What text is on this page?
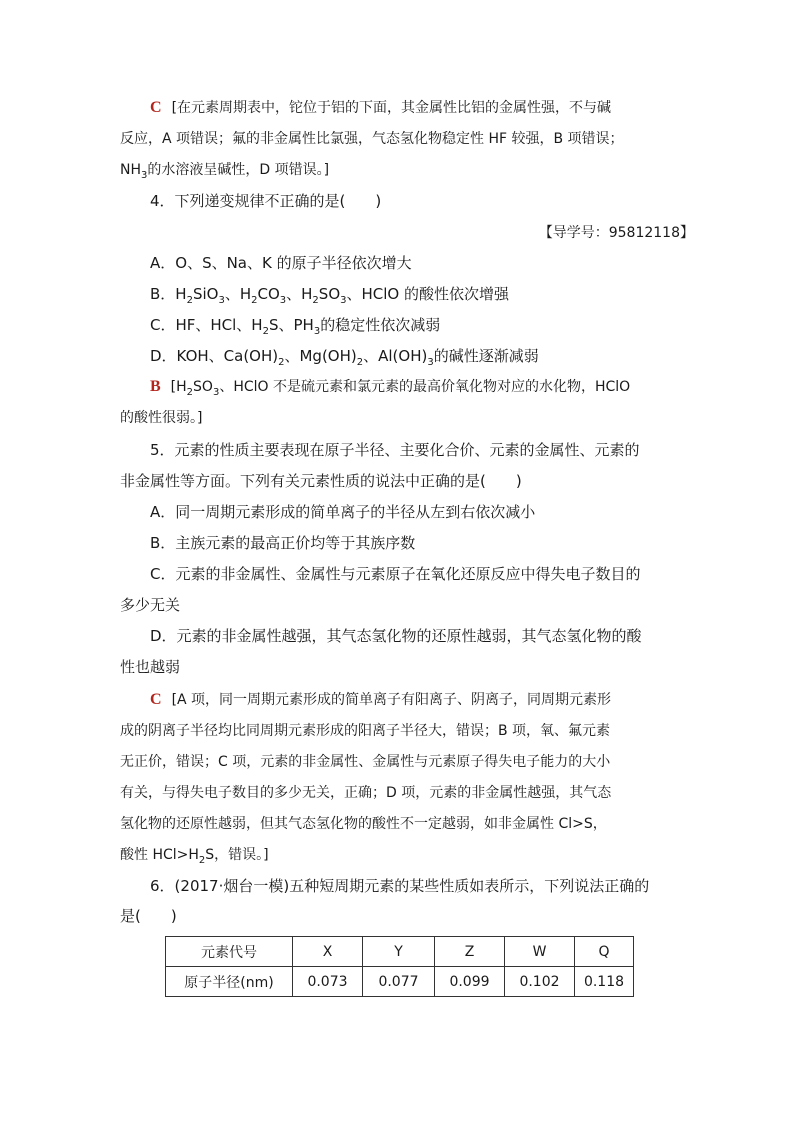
C [在元素周期表中，铊位于铝的下面，其金属性比铝的金属性强，不与碱
反应，A 项错误；氟的非金属性比氯强，气态氢化物稳定性 HF 较强，B 项错误；
$NH_3$的水溶液呈碱性，D 项错误。]
4．下列递变规律不正确的是(　　)
【导学号：95812118】
A．O、S、Na、K 的原子半径依次增大
B．$H_2SiO_3$、$H_2CO_3$、$H_2SO_3$、HClO 的酸性依次增强
C．HF、HCl、$H_2S$、$PH_3$的稳定性依次减弱
D．KOH、$Ca(OH)_2$、$Mg(OH)_2$、$Al(OH)_3$的碱性逐渐减弱
B [$H_2SO_3$、HClO 不是硫元素和氯元素的最高价氧化物对应的水化物，HClO
的酸性很弱。]
5．元素的性质主要表现在原子半径、主要化合价、元素的金属性、元素的
非金属性等方面。下列有关元素性质的说法中正确的是(　　)
A．同一周期元素形成的简单离子的半径从左到右依次减小
B．主族元素的最高正价均等于其族序数
C．元素的非金属性、金属性与元素原子在氧化还原反应中得失电子数目的
多少无关
D．元素的非金属性越强，其气态氢化物的还原性越弱，其气态氢化物的酸
性也越弱
C [A 项，同一周期元素形成的简单离子有阳离子、阴离子，同周期元素形
成的阴离子半径均比同周期元素形成的阳离子半径大，错误；B 项，氧、氟元素
无正价，错误；C 项，元素的非金属性、金属性与元素原子得失电子能力的大小
有关，与得失电子数目的多少无关，正确；D 项，元素的非金属性越强，其气态
氢化物的还原性越弱，但其气态氢化物的酸性不一定越弱，如非金属性 Cl>S，
酸性 $HCl>H_2S$，错误。]
6．(2017·烟台一模)五种短周期元素的某些性质如表所示，下列说法正确的
是(　　)
元素代号	X	Y	Z	W	Q
原子半径(nm)	0.073	0.077	0.099	0.102	0.118
